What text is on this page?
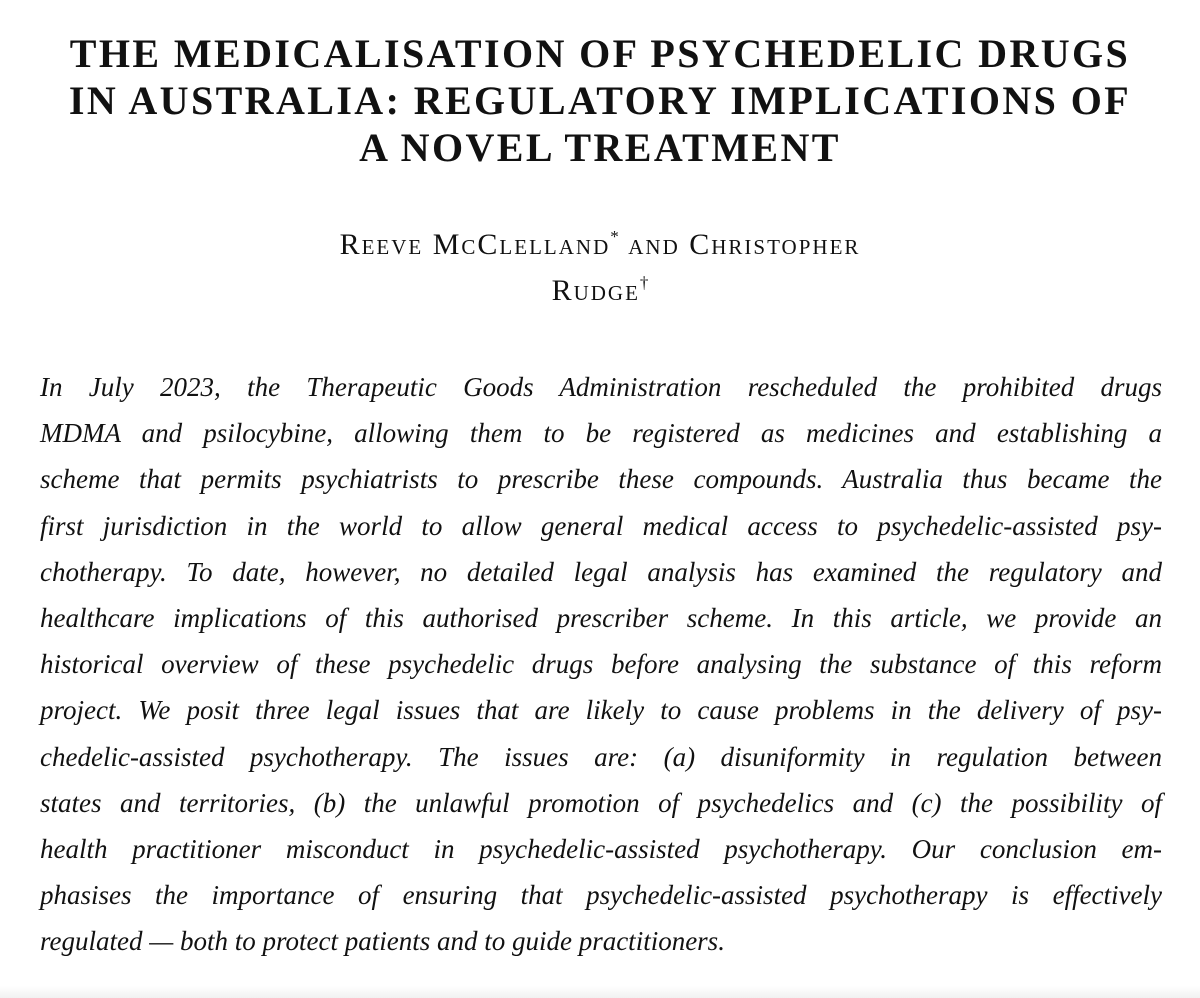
THE MEDICALISATION OF PSYCHEDELIC DRUGS
IN AUSTRALIA: REGULATORY IMPLICATIONS OF
A NOVEL TREATMENT
Reeve McClelland* and Christopher
Rudge†
In July 2023, the Therapeutic Goods Administration rescheduled the prohibited drugs
MDMA and psilocybine, allowing them to be registered as medicines and establishing a
scheme that permits psychiatrists to prescribe these compounds. Australia thus became the
first jurisdiction in the world to allow general medical access to psychedelic-assisted psy-
chotherapy. To date, however, no detailed legal analysis has examined the regulatory and
healthcare implications of this authorised prescriber scheme. In this article, we provide an
historical overview of these psychedelic drugs before analysing the substance of this reform
project. We posit three legal issues that are likely to cause problems in the delivery of psy-
chedelic-assisted psychotherapy. The issues are: (a) disuniformity in regulation between
states and territories, (b) the unlawful promotion of psychedelics and (c) the possibility of
health practitioner misconduct in psychedelic-assisted psychotherapy. Our conclusion em-
phasises the importance of ensuring that psychedelic-assisted psychotherapy is effectively
regulated — both to protect patients and to guide practitioners.
